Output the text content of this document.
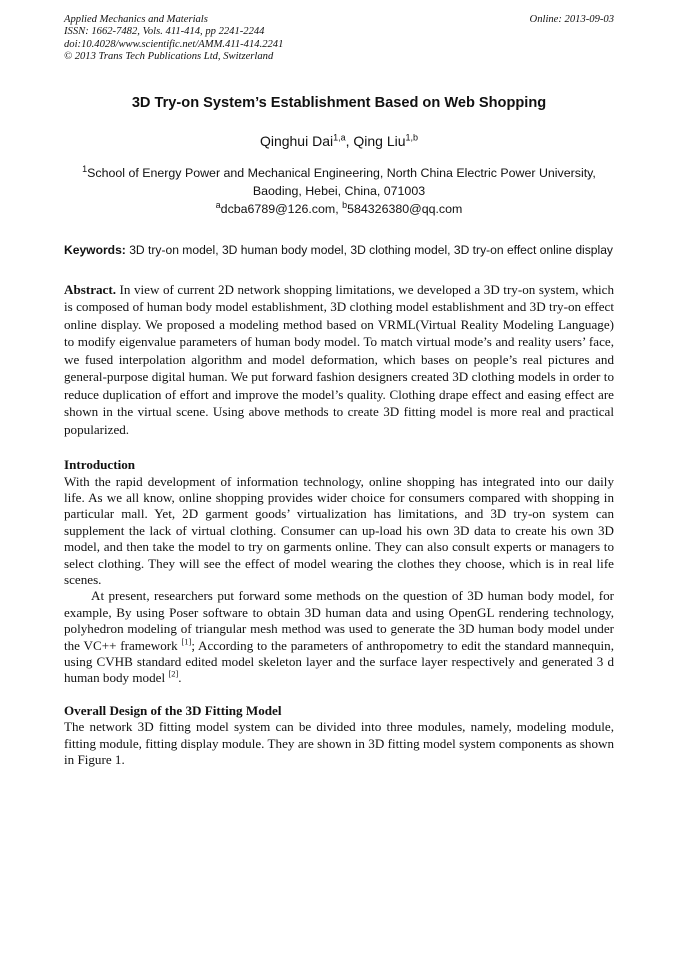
Applied Mechanics and Materials
ISSN: 1662-7482, Vols. 411-414, pp 2241-2244
doi:10.4028/www.scientific.net/AMM.411-414.2241
© 2013 Trans Tech Publications Ltd, Switzerland
Online: 2013-09-03
3D Try-on System’s Establishment Based on Web Shopping
Qinghui Dai$^{1,a}$, Qing Liu$^{1,b}$
$^1$School of Energy Power and Mechanical Engineering, North China Electric Power University,
Baoding, Hebei, China, 071003
$^a$dcba6789@126.com, $^b$584326380@qq.com
Keywords: 3D try-on model, 3D human body model, 3D clothing model, 3D try-on effect online display
Abstract. In view of current 2D network shopping limitations, we developed a 3D try-on system, which is composed of human body model establishment, 3D clothing model establishment and 3D try-on effect online display. We proposed a modeling method based on VRML(Virtual Reality Modeling Language) to modify eigenvalue parameters of human body model. To match virtual mode’s and reality users’ face, we fused interpolation algorithm and model deformation, which bases on people’s real pictures and general-purpose digital human. We put forward fashion designers created 3D clothing models in order to reduce duplication of effort and improve the model’s quality. Clothing drape effect and easing effect are shown in the virtual scene. Using above methods to create 3D fitting model is more real and practical popularized.
Introduction

With the rapid development of information technology, online shopping has integrated into our daily life. As we all know, online shopping provides wider choice for consumers compared with shopping in particular mall. Yet, 2D garment goods’ virtualization has limitations, and 3D try-on system can supplement the lack of virtual clothing. Consumer can up-load his own 3D data to create his own 3D model, and then take the model to try on garments online. They can also consult experts or managers to select clothing. They will see the effect of model wearing the clothes they choose, which is in real life scenes.

At present, researchers put forward some methods on the question of 3D human body model, for example, By using Poser software to obtain 3D human data and using OpenGL rendering technology, polyhedron modeling of triangular mesh method was used to generate the 3D human body model under the VC++ framework [1]; According to the parameters of anthropometry to edit the standard mannequin, using CVHB standard edited model skeleton layer and the surface layer respectively and generated 3 d human body model [2].

Overall Design of the 3D Fitting Model

The network 3D fitting model system can be divided into three modules, namely, modeling module, fitting module, fitting display module. They are shown in 3D fitting model system components as shown in Figure 1.
